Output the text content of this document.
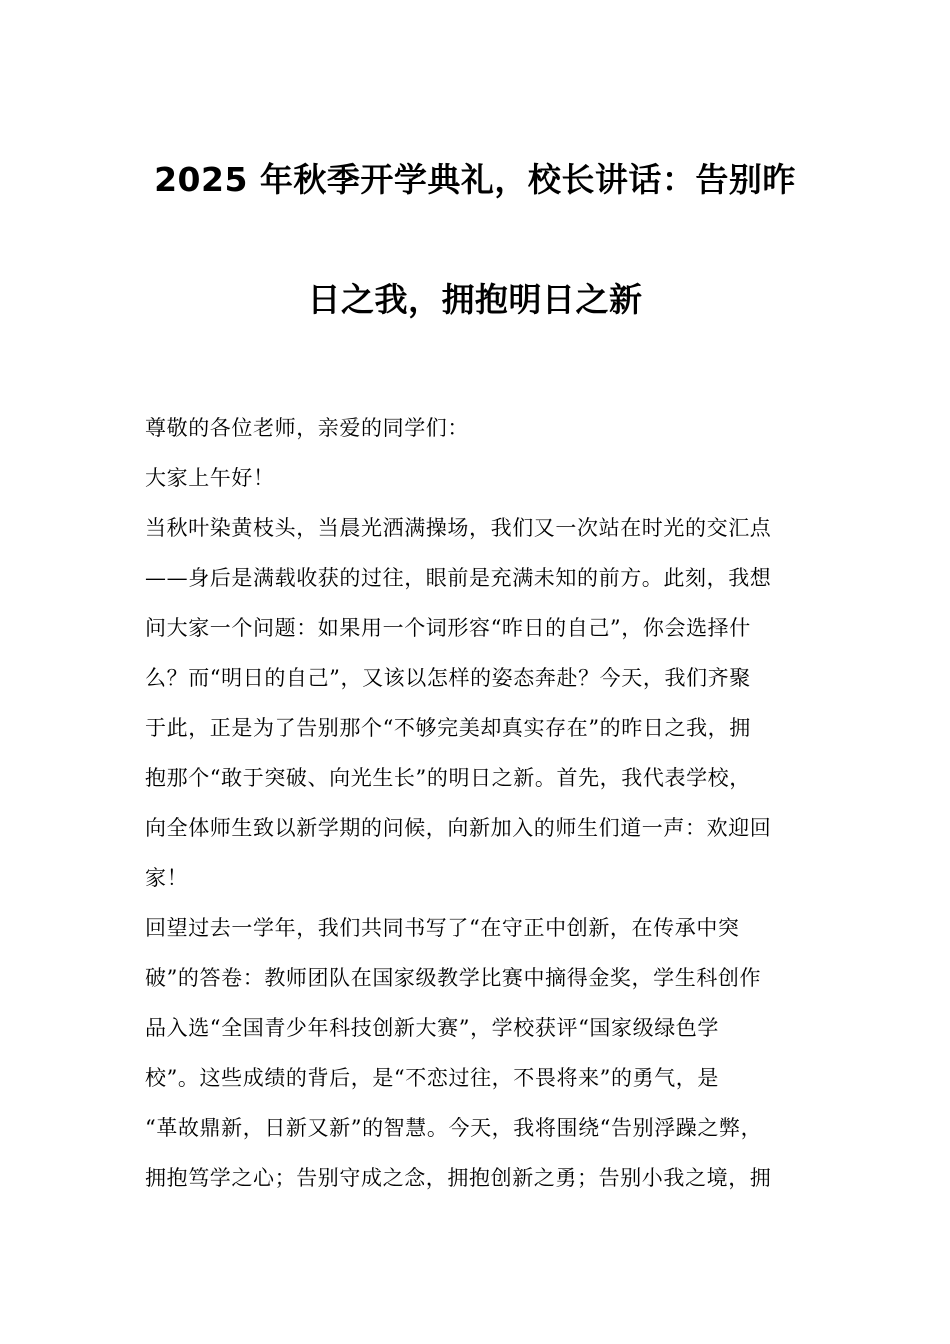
2025 年秋季开学典礼，校长讲话：告别昨
日之我，拥抱明日之新
尊敬的各位老师，亲爱的同学们：
大家上午好！
当秋叶染黄枝头，当晨光洒满操场，我们又一次站在时光的交汇点
——身后是满载收获的过往，眼前是充满未知的前方。此刻，我想
问大家一个问题：如果用一个词形容“昨日的自己”，你会选择什
么？而“明日的自己”，又该以怎样的姿态奔赴？今天，我们齐聚
于此，正是为了告别那个“不够完美却真实存在”的昨日之我，拥
抱那个“敢于突破、向光生长”的明日之新。首先，我代表学校，
向全体师生致以新学期的问候，向新加入的师生们道一声：欢迎回
家！
回望过去一学年，我们共同书写了“在守正中创新，在传承中突
破”的答卷：教师团队在国家级教学比赛中摘得金奖，学生科创作
品入选“全国青少年科技创新大赛”，学校获评“国家级绿色学
校”。这些成绩的背后，是“不恋过往，不畏将来”的勇气，是
“革故鼎新，日新又新”的智慧。今天，我将围绕“告别浮躁之弊，
拥抱笃学之心；告别守成之念，拥抱创新之勇；告别小我之境，拥
